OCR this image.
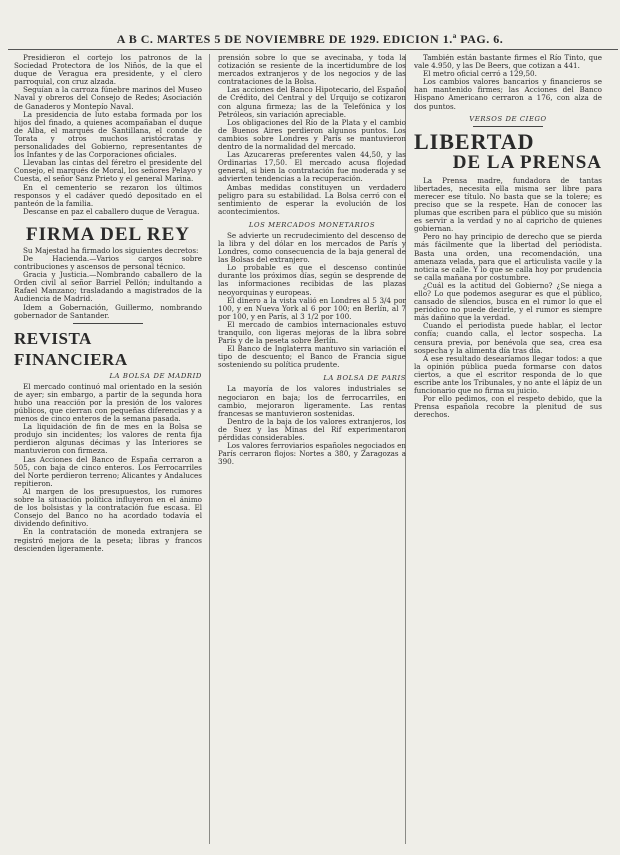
A B C. MARTES 5 DE NOVIEMBRE DE 1929. EDICION 1.ª PAG. 6.

Presidieron el cortejo los patronos de la Sociedad Protectora de los Niños, de la que el duque de Veragua era presidente, y el clero parroquial, con cruz alzada.

Seguían a la carroza fúnebre marinos del Museo Naval y obreros del Consejo de Redes; Asociación de Ganaderos y Montepío Naval.

La presidencia de luto estaba formada por los hijos del finado, a quienes acompañaban el duque de Alba, el marqués de Santillana, el conde de Torata y otros muchos aristócratas y personalidades del Gobierno, representantes de los Infantes y de las Corporaciones oficiales.

Llevaban las cintas del féretro el presidente del Consejo, el marqués de Moral, los señores Pelayo y Cuesta, el señor Sanz Prieto y el general Marina.

En el cementerio se rezaron los últimos responsos y el cadáver quedó depositado en el panteón de la familia.

Descanse en paz el caballero duque de Veragua.

FIRMA DEL REY

Su Majestad ha firmado los siguientes decretos:

De Hacienda.—Varios cargos sobre contribuciones y ascensos de personal técnico.

Gracia y Justicia.—Nombrando caballero de la Orden civil al señor Barriel Pellón; indultando a Rafael Manzano; trasladando a magistrados de la Audiencia de Madrid.

Idem a Gobernación, Guillermo, nombrando gobernador de Santander.

REVISTA FINANCIERA
LA BOLSA DE MADRID

El mercado continuó mal orientado en la sesión de ayer; sin embargo, a partir de la segunda hora hubo una reacción por la presión de los valores públicos, que cierran con pequeñas diferencias y a menos de cinco enteros de la semana pasada.

La liquidación de fin de mes en la Bolsa se produjo sin incidentes; los valores de renta fija perdieron algunas décimas y las Interiores se mantuvieron con firmeza.

Las Acciones del Banco de España cerraron a 505, con baja de cinco enteros. Los Ferrocarriles del Norte perdieron terreno; Alicantes y Andaluces repitieron.

Al margen de los presupuestos, los rumores sobre la situación política influyeron en el ánimo de los bolsistas y la contratación fue escasa. El Consejo del Banco no ha acordado todavía el dividendo definitivo.

En la contratación de moneda extranjera se registró mejora de la peseta; libras y francos descienden ligeramente.

prensión sobre lo que se avecinaba, y toda la cotización se resiente de la incertidumbre de los mercados extranjeros y de los negocios y de las contrataciones de la Bolsa.

Las acciones del Banco Hipotecario, del Español de Crédito, del Central y del Urquijo se cotizaron con alguna firmeza; las de la Telefónica y los Petróleos, sin variación apreciable.

Los obligaciones del Río de la Plata y el cambio de Buenos Aires perdieron algunos puntos. Los cambios sobre Londres y París se mantuvieron dentro de la normalidad del mercado.

Las Azucareras preferentes valen 44,50, y las Ordinarias 17,50. El mercado acusa flojedad general, si bien la contratación fue moderada y se advierten tendencias a la recuperación.

Ambas medidas constituyen un verdadero peligro para su estabilidad. La Bolsa cerró con el sentimiento de esperar la evolución de los acontecimientos.

LOS MERCADOS MONETARIOS

Se advierte un recrudecimiento del descenso de la libra y del dólar en los mercados de París y Londres, como consecuencia de la baja general de las Bolsas del extranjero.

Lo probable es que el descenso continúe durante los próximos días, según se desprende de las informaciones recibidas de las plazas neoyorquinas y europeas.

El dinero a la vista valió en Londres al 5 3/4 por 100, y en Nueva York al 6 por 100; en Berlín, al 7 por 100, y en París, al 3 1/2 por 100.

El mercado de cambios internacionales estuvo tranquilo, con ligeras mejoras de la libra sobre París y de la peseta sobre Berlín.

El Banco de Inglaterra mantuvo sin variación el tipo de descuento; el Banco de Francia sigue sosteniendo su política prudente.

LA BOLSA DE PARIS

La mayoría de los valores industriales se negociaron en baja; los de ferrocarriles, en cambio, mejoraron ligeramente. Las rentas francesas se mantuvieron sostenidas.

Dentro de la baja de los valores extranjeros, los de Suez y las Minas del Rif experimentaron pérdidas considerables.

Los valores ferroviarios españoles negociados en París cerraron flojos: Nortes a 380, y Zaragozas a 390.

También están bastante firmes el Río Tinto, que vale 4.950, y las De Beers, que cotizan a 441.

El metro oficial cerró a 129,50.

Los cambios valores bancarios y financieros se han mantenido firmes; las Acciones del Banco Hispano Americano cerraron a 176, con alza de dos puntos.

VERSOS DE CIEGO
LIBERTAD
DE LA PRENSA

La Prensa madre, fundadora de tantas libertades, necesita ella misma ser libre para merecer ese título. No basta que se la tolere; es preciso que se la respete. Han de conocer las plumas que escriben para el público que su misión es servir a la verdad y no al capricho de quienes gobiernan.

Pero no hay principio de derecho que se pierda más fácilmente que la libertad del periodista. Basta una orden, una recomendación, una amenaza velada, para que el articulista vacile y la noticia se calle. Y lo que se calla hoy por prudencia se calla mañana por costumbre.

¿Cuál es la actitud del Gobierno? ¿Se niega a ello? Lo que podemos asegurar es que el público, cansado de silencios, busca en el rumor lo que el periódico no puede decirle, y el rumor es siempre más dañino que la verdad.

Cuando el periodista puede hablar, el lector confía; cuando calla, el lector sospecha. La censura previa, por benévola que sea, crea esa sospecha y la alimenta día tras día.

A ese resultado desearíamos llegar todos: a que la opinión pública pueda formarse con datos ciertos, a que el escritor responda de lo que escribe ante los Tribunales, y no ante el lápiz de un funcionario que no firma su juicio.

Por ello pedimos, con el respeto debido, que la Prensa española recobre la plenitud de sus derechos.
